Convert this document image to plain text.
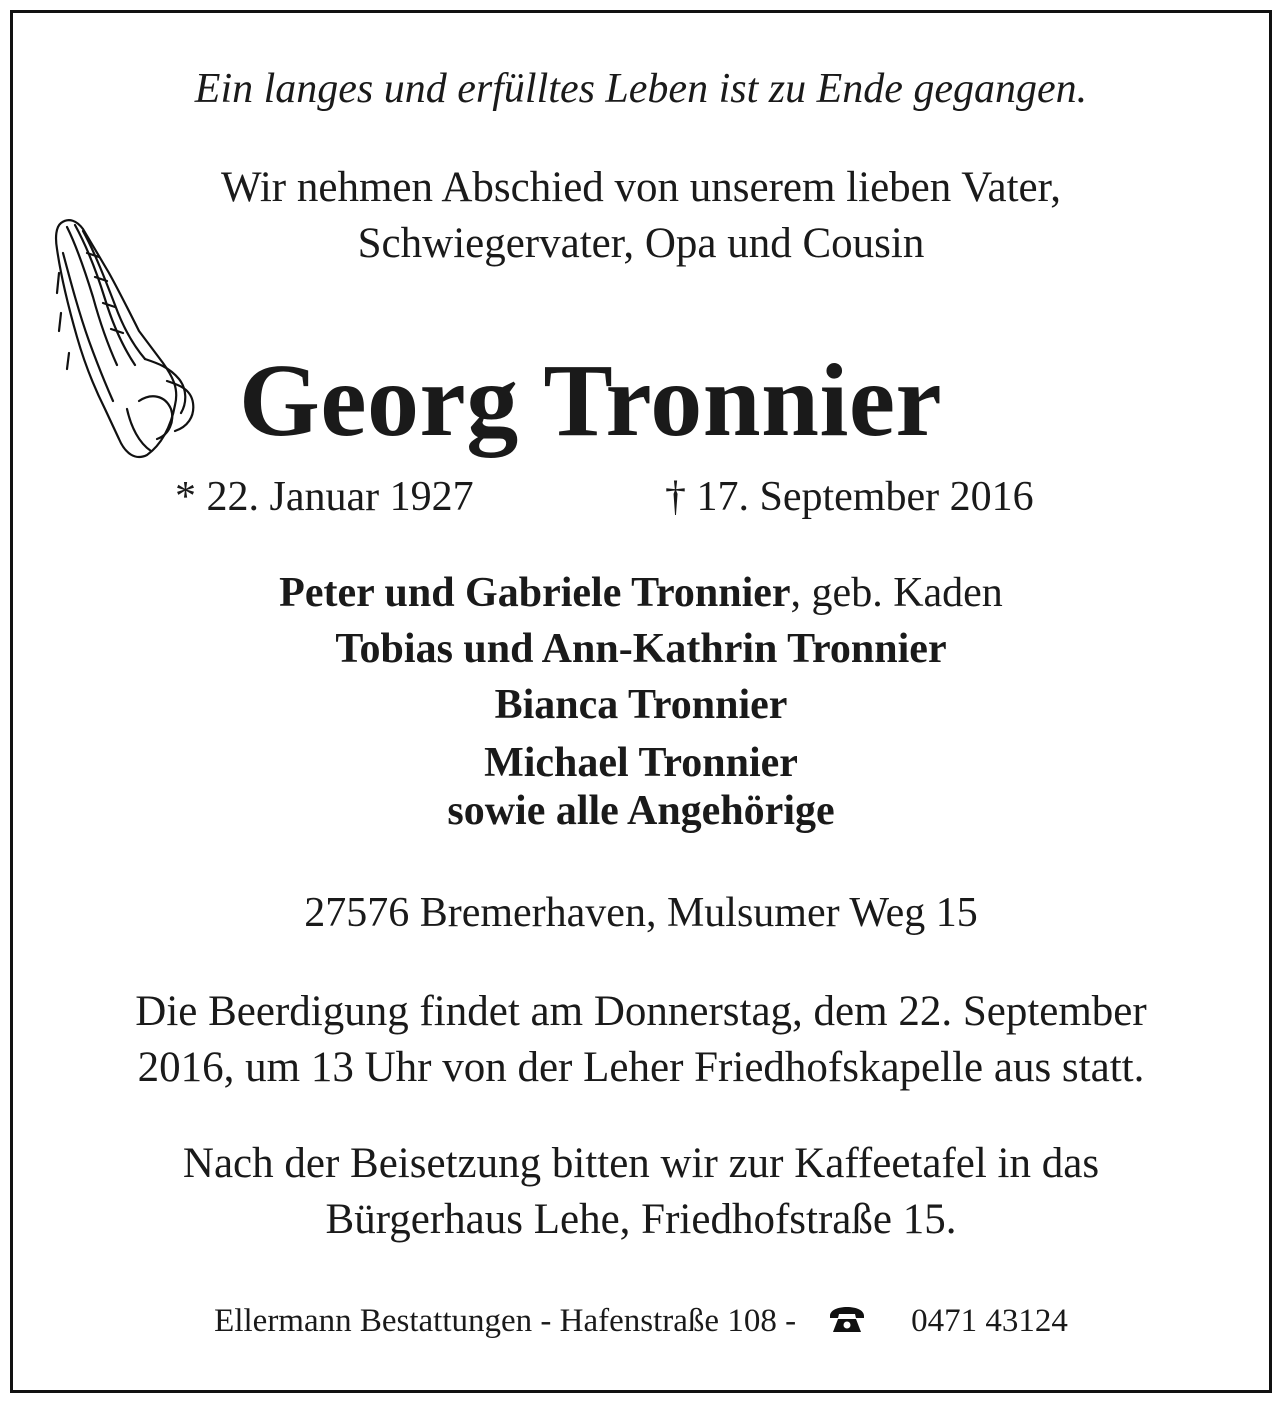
Ein langes und erfülltes Leben ist zu Ende gegangen.
Wir nehmen Abschied von unserem lieben Vater,
Schwiegervater, Opa und Cousin
Georg Tronnier
* 22. Januar 1927	† 17. September 2016
Peter und Gabriele Tronnier, geb. Kaden
Tobias und Ann-Kathrin Tronnier
Bianca Tronnier
Michael Tronnier
sowie alle Angehörige
27576 Bremerhaven, Mulsumer Weg 15
Die Beerdigung findet am Donnerstag, dem 22. September
2016, um 13 Uhr von der Leher Friedhofskapelle aus statt.
Nach der Beisetzung bitten wir zur Kaffeetafel in das
Bürgerhaus Lehe, Friedhofstraße 15.
Ellermann Bestattungen - Hafenstraße 108 -	0471 43124
